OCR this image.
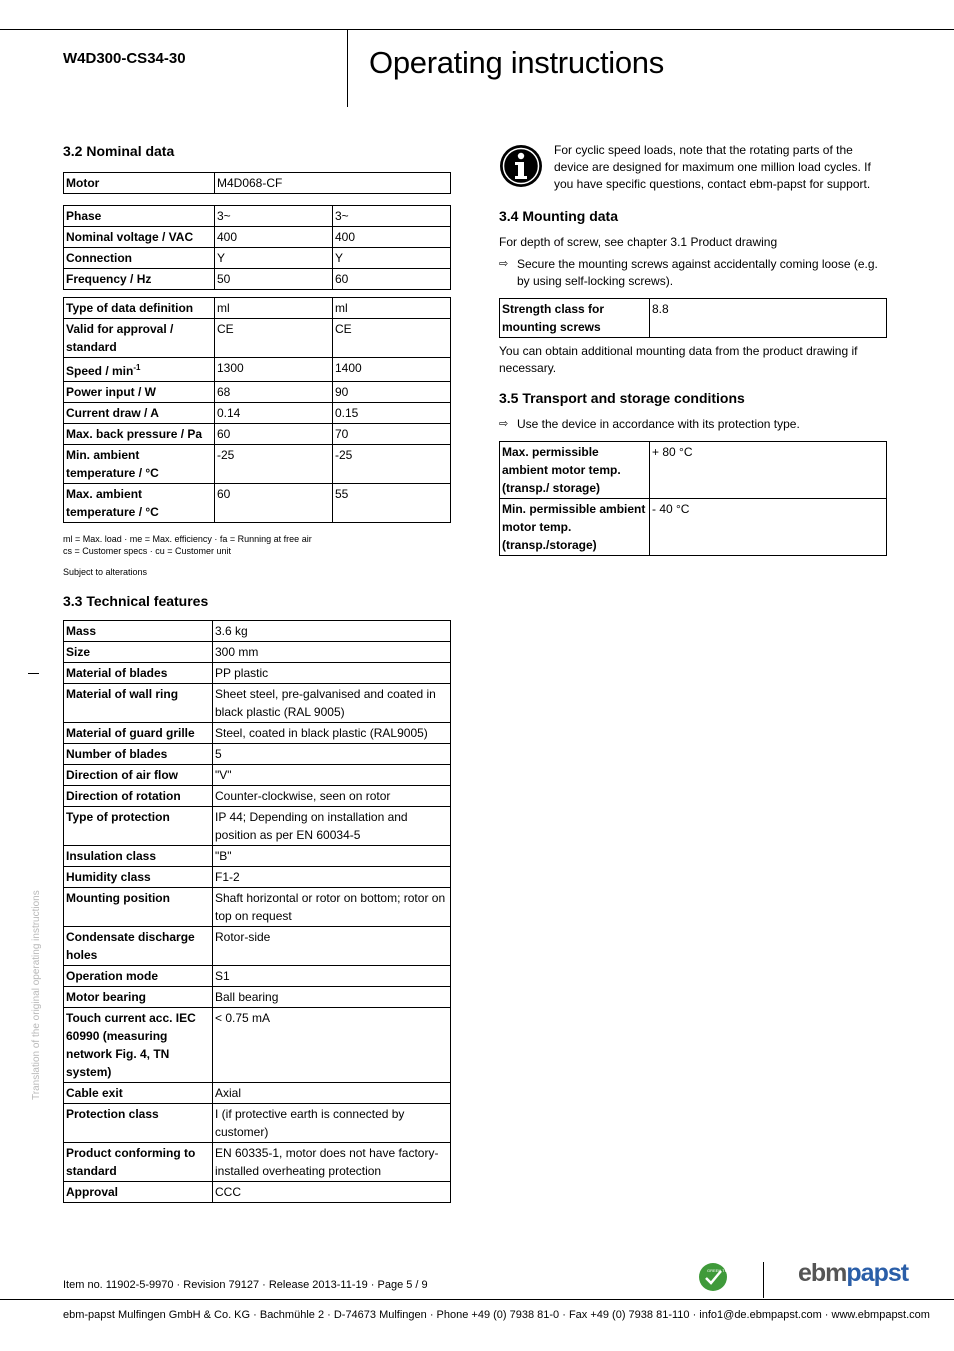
W4D300-CS34-30	Operating instructions
3.2 Nominal data
Motor	M4D068-CF
Phase	3~	3~
Nominal voltage / VAC	400	400
Connection	Y	Y
Frequency / Hz	50	60
Type of data definition	ml	ml
Valid for approval / standard	CE	CE
Speed / $\min^{-1}$	1300	1400
Power input / W	68	90
Current draw / A	0.14	0.15
Max. back pressure / Pa	60	70
Min. ambient temperature / °C	-25	-25
Max. ambient temperature / °C	60	55
ml = Max. load · me = Max. efficiency · fa = Running at free air
cs = Customer specs · cu = Customer unit
Subject to alterations
3.3 Technical features
Mass	3.6 kg
Size	300 mm
Material of blades	PP plastic
Material of wall ring	Sheet steel, pre-galvanised and coated in black plastic (RAL 9005)
Material of guard grille	Steel, coated in black plastic (RAL9005)
Number of blades	5
Direction of air flow	"V"
Direction of rotation	Counter-clockwise, seen on rotor
Type of protection	IP 44; Depending on installation and position as per EN 60034-5
Insulation class	"B"
Humidity class	F1-2
Mounting position	Shaft horizontal or rotor on bottom; rotor on top on request
Condensate discharge holes	Rotor-side
Operation mode	S1
Motor bearing	Ball bearing
Touch current acc. IEC 60990 (measuring network Fig. 4, TN system)	< 0.75 mA
Cable exit	Axial
Protection class	I (if protective earth is connected by customer)
Product conforming to standard	EN 60335-1, motor does not have factory-installed overheating protection
Approval	CCC
Translation of the original operating instructions
For cyclic speed loads, note that the rotating parts of the device are designed for maximum one million load cycles. If you have specific questions, contact ebm-papst for support.
3.4 Mounting data
For depth of screw, see chapter 3.1 Product drawing
⇨ Secure the mounting screws against accidentally coming loose (e.g. by using self-locking screws).
Strength class for mounting screws	8.8
You can obtain additional mounting data from the product drawing if necessary.
3.5 Transport and storage conditions
⇨ Use the device in accordance with its protection type.
Max. permissible ambient motor temp. (transp./ storage)	+ 80 °C
Min. permissible ambient motor temp. (transp./storage)	- 40 °C
Item no. 11902-5-9970 · Revision 79127 · Release 2013-11-19 · Page 5 / 9
GREEN TECH	ebmpapst
ebm-papst Mulfingen GmbH & Co. KG · Bachmühle 2 · D-74673 Mulfingen · Phone +49 (0) 7938 81-0 · Fax +49 (0) 7938 81-110 · info1@de.ebmpapst.com · www.ebmpapst.com
